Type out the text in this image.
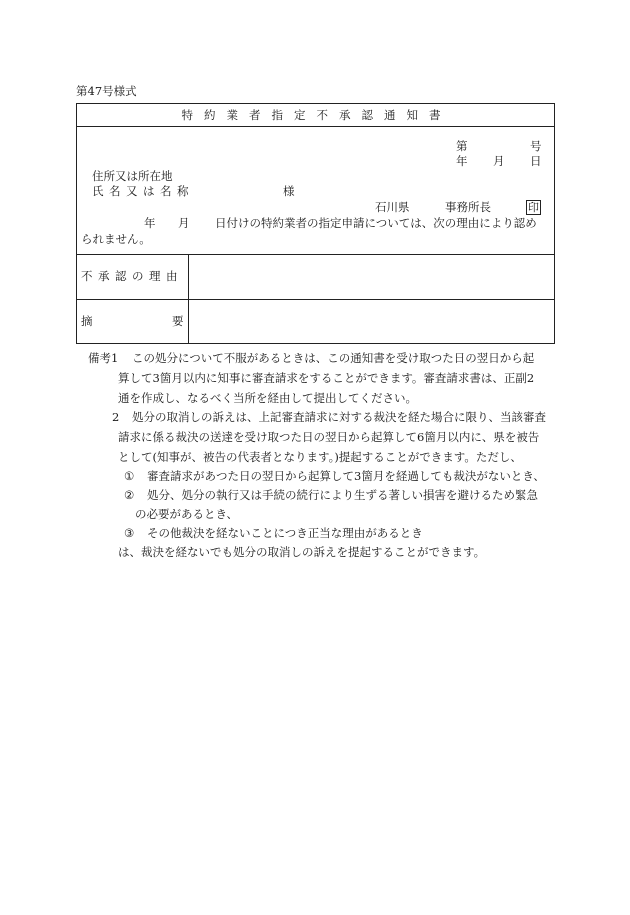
第47号様式
特約業者指定不承認通知書
第	号
年 月 日
住所又は所在地
氏名又は名称	様
石川県	事務所長	印
年 月 日付けの特約業者の指定申請については、次の理由により認め
られません。
不承認の理由
摘	要
備考1 この処分について不服があるときは、この通知書を受け取つた日の翌日から起
算して3箇月以内に知事に審査請求をすることができます。審査請求書は、正副2
通を作成し、なるべく当所を経由して提出してください。
2 処分の取消しの訴えは、上記審査請求に対する裁決を経た場合に限り、当該審査
請求に係る裁決の送達を受け取つた日の翌日から起算して6箇月以内に、県を被告
として(知事が、被告の代表者となります。)提起することができます。ただし、
① 審査請求があつた日の翌日から起算して3箇月を経過しても裁決がないとき、
② 処分、処分の執行又は手続の続行により生ずる著しい損害を避けるため緊急
の必要があるとき、
③ その他裁決を経ないことにつき正当な理由があるとき
は、裁決を経ないでも処分の取消しの訴えを提起することができます。
